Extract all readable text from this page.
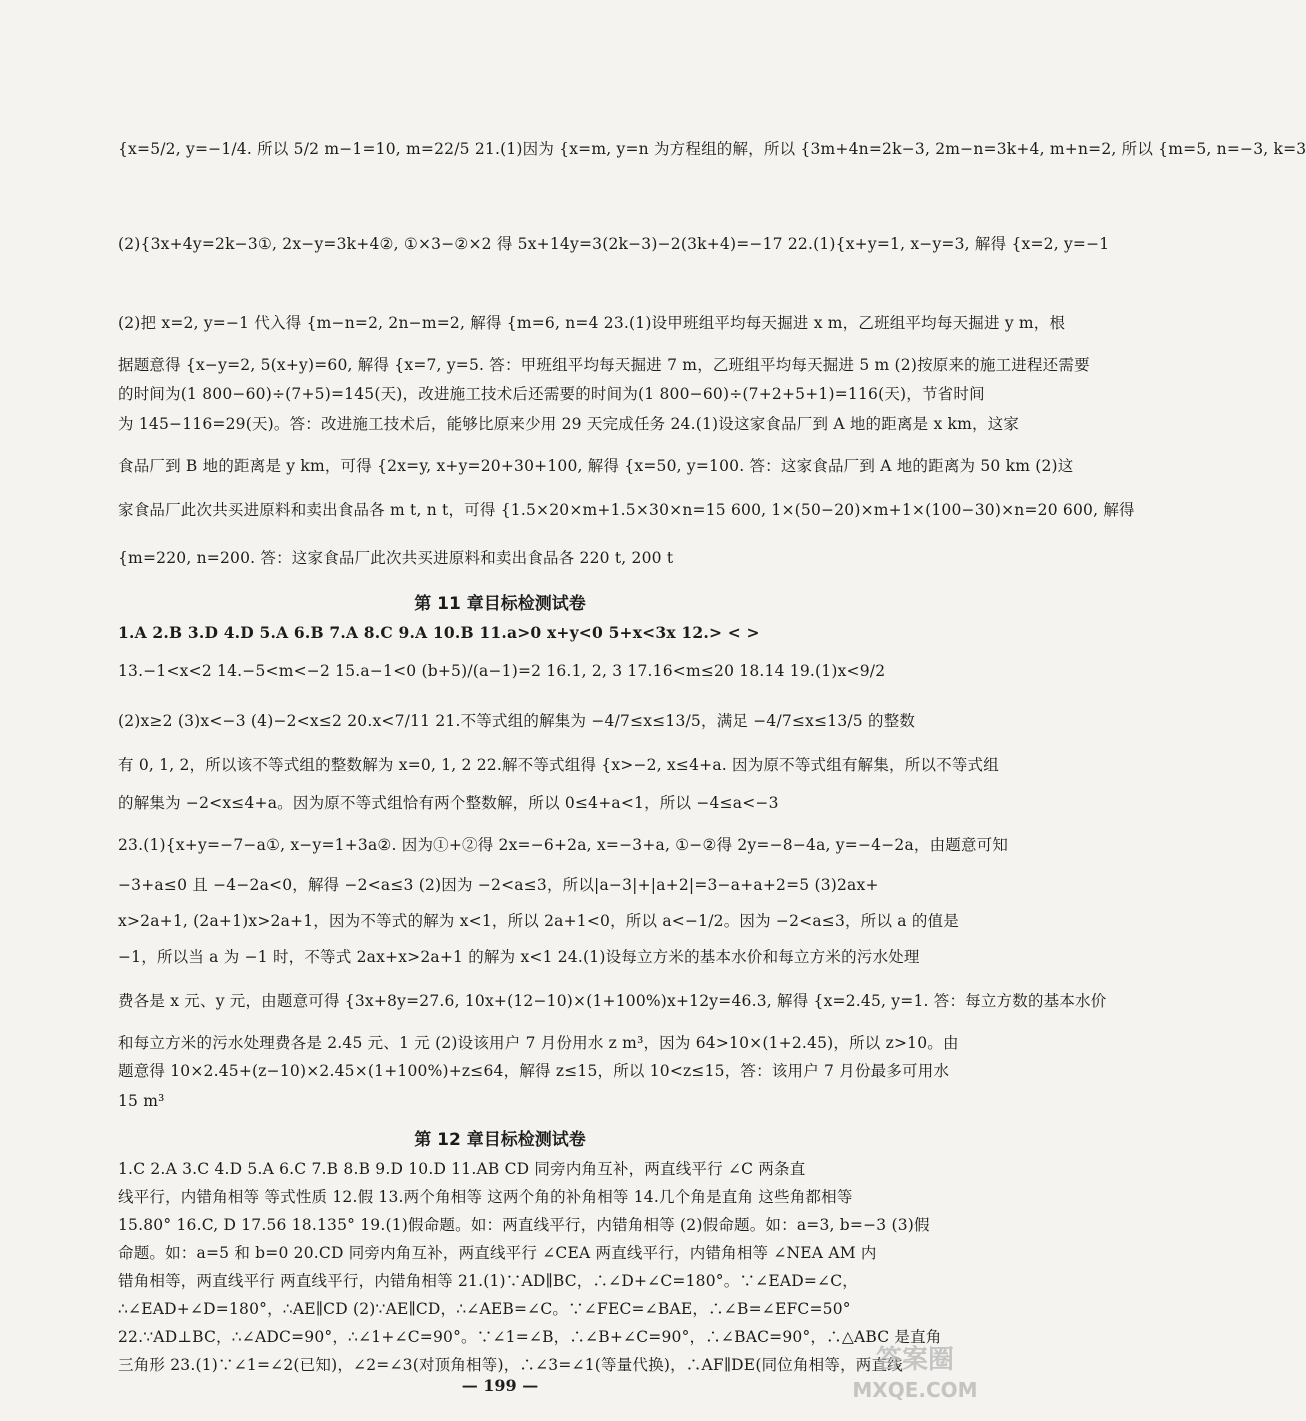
{x=5/2, y=−1/4. 所以 5/2 m−1=10, m=22/5 21.(1)因为 {x=m, y=n 为方程组的解，所以 {3m+4n=2k−3, 2m−n=3k+4, m+n=2, 所以 {m=5, n=−3, k=3
(2){3x+4y=2k−3①, 2x−y=3k+4②, ①×3−②×2 得 5x+14y=3(2k−3)−2(3k+4)=−17 22.(1){x+y=1, x−y=3, 解得 {x=2, y=−1
(2)把 x=2, y=−1 代入得 {m−n=2, 2n−m=2, 解得 {m=6, n=4 23.(1)设甲班组平均每天掘进 x m，乙班组平均每天掘进 y m，根
据题意得 {x−y=2, 5(x+y)=60, 解得 {x=7, y=5. 答：甲班组平均每天掘进 7 m，乙班组平均每天掘进 5 m (2)按原来的施工进程还需要
的时间为(1 800−60)÷(7+5)=145(天)，改进施工技术后还需要的时间为(1 800−60)÷(7+2+5+1)=116(天)，节省时间
为 145−116=29(天)。答：改进施工技术后，能够比原来少用 29 天完成任务 24.(1)设这家食品厂到 A 地的距离是 x km，这家
食品厂到 B 地的距离是 y km，可得 {2x=y, x+y=20+30+100, 解得 {x=50, y=100. 答：这家食品厂到 A 地的距离为 50 km (2)这
家食品厂此次共买进原料和卖出食品各 m t, n t，可得 {1.5×20×m+1.5×30×n=15 600, 1×(50−20)×m+1×(100−30)×n=20 600, 解得
{m=220, n=200. 答：这家食品厂此次共买进原料和卖出食品各 220 t, 200 t
第 11 章目标检测试卷
1.A 2.B 3.D 4.D 5.A 6.B 7.A 8.C 9.A 10.B 11.a>0 x+y<0 5+x<3x 12.> < >
13.−1<x<2 14.−5<m<−2 15.a−1<0 (b+5)/(a−1)=2 16.1, 2, 3 17.16<m≤20 18.14 19.(1)x<9/2
(2)x≥2 (3)x<−3 (4)−2<x≤2 20.x<7/11 21.不等式组的解集为 −4/7≤x≤13/5，满足 −4/7≤x≤13/5 的整数
有 0, 1, 2，所以该不等式组的整数解为 x=0, 1, 2 22.解不等式组得 {x>−2, x≤4+a. 因为原不等式组有解集，所以不等式组
的解集为 −2<x≤4+a。因为原不等式组恰有两个整数解，所以 0≤4+a<1，所以 −4≤a<−3
23.(1){x+y=−7−a①, x−y=1+3a②. 因为①+②得 2x=−6+2a, x=−3+a, ①−②得 2y=−8−4a, y=−4−2a，由题意可知
−3+a≤0 且 −4−2a<0，解得 −2<a≤3 (2)因为 −2<a≤3，所以|a−3|+|a+2|=3−a+a+2=5 (3)2ax+
x>2a+1, (2a+1)x>2a+1，因为不等式的解为 x<1，所以 2a+1<0，所以 a<−1/2。因为 −2<a≤3，所以 a 的值是
−1，所以当 a 为 −1 时，不等式 2ax+x>2a+1 的解为 x<1 24.(1)设每立方米的基本水价和每立方米的污水处理
费各是 x 元、y 元，由题意可得 {3x+8y=27.6, 10x+(12−10)×(1+100%)x+12y=46.3, 解得 {x=2.45, y=1. 答：每立方数的基本水价
和每立方米的污水处理费各是 2.45 元、1 元 (2)设该用户 7 月份用水 z m³，因为 64>10×(1+2.45)，所以 z>10。由
题意得 10×2.45+(z−10)×2.45×(1+100%)+z≤64，解得 z≤15，所以 10<z≤15，答：该用户 7 月份最多可用水
15 m³
第 12 章目标检测试卷
1.C 2.A 3.C 4.D 5.A 6.C 7.B 8.B 9.D 10.D 11.AB CD 同旁内角互补，两直线平行 ∠C 两条直
线平行，内错角相等 等式性质 12.假 13.两个角相等 这两个角的补角相等 14.几个角是直角 这些角都相等
15.80° 16.C, D 17.56 18.135° 19.(1)假命题。如：两直线平行，内错角相等 (2)假命题。如：a=3, b=−3 (3)假
命题。如：a=5 和 b=0 20.CD 同旁内角互补，两直线平行 ∠CEA 两直线平行，内错角相等 ∠NEA AM 内
错角相等，两直线平行 两直线平行，内错角相等 21.(1)∵AD∥BC，∴∠D+∠C=180°。∵∠EAD=∠C，
∴∠EAD+∠D=180°，∴AE∥CD (2)∵AE∥CD，∴∠AEB=∠C。∵∠FEC=∠BAE，∴∠B=∠EFC=50°
22.∵AD⊥BC，∴∠ADC=90°，∴∠1+∠C=90°。∵∠1=∠B，∴∠B+∠C=90°，∴∠BAC=90°，∴△ABC 是直角
三角形 23.(1)∵∠1=∠2(已知)，∠2=∠3(对顶角相等)，∴∠3=∠1(等量代换)，∴AF∥DE(同位角相等，两直线
— 199 —
答案圈
MXQE.COM
